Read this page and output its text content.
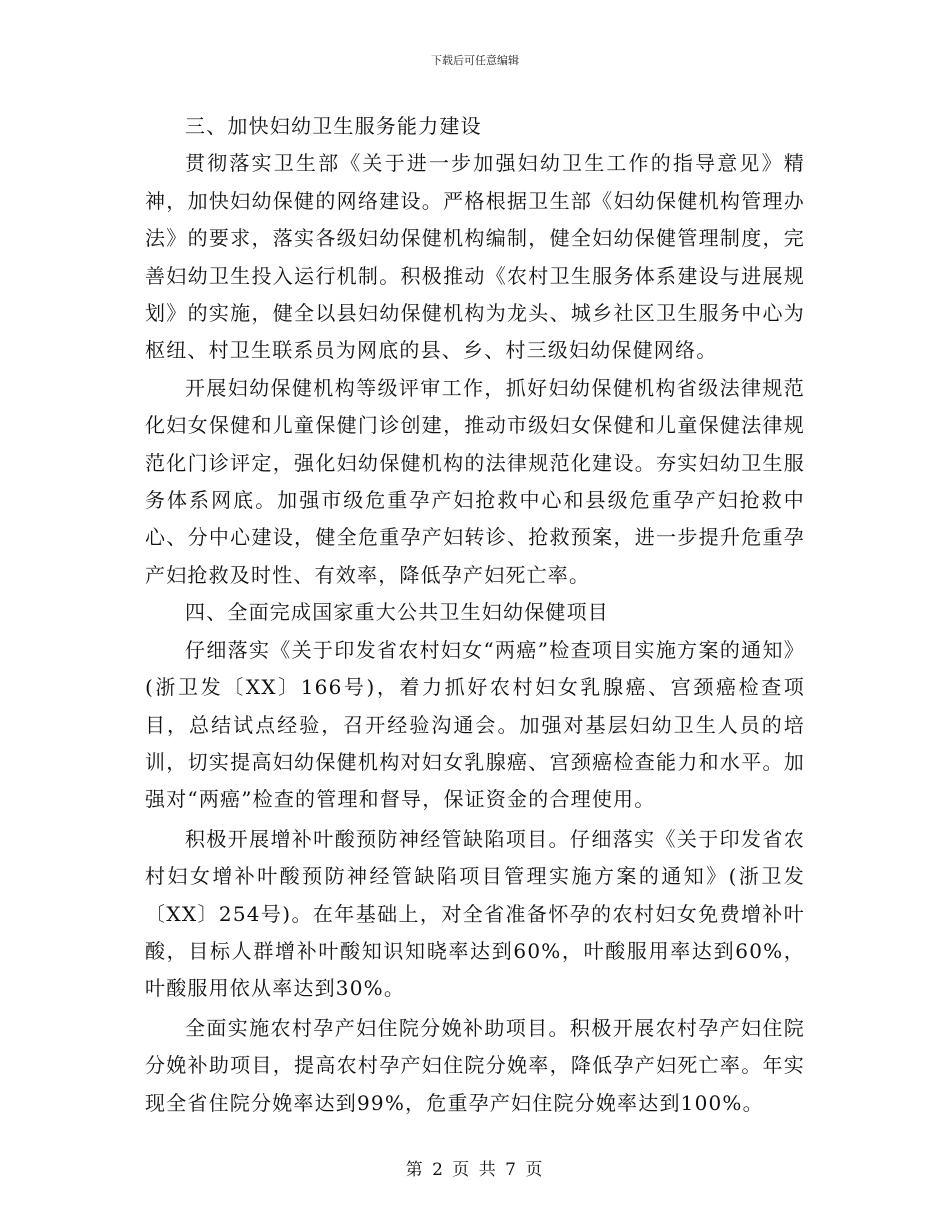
下载后可任意编辑

三、加快妇幼卫生服务能力建设

贯彻落实卫生部《关于进一步加强妇幼卫生工作的指导意见》精神，加快妇幼保健的网络建设。严格根据卫生部《妇幼保健机构管理办法》的要求，落实各级妇幼保健机构编制，健全妇幼保健管理制度，完善妇幼卫生投入运行机制。积极推动《农村卫生服务体系建设与进展规划》的实施，健全以县妇幼保健机构为龙头、城乡社区卫生服务中心为枢纽、村卫生联系员为网底的县、乡、村三级妇幼保健网络。

开展妇幼保健机构等级评审工作，抓好妇幼保健机构省级法律规范化妇女保健和儿童保健门诊创建，推动市级妇女保健和儿童保健法律规范化门诊评定，强化妇幼保健机构的法律规范化建设。夯实妇幼卫生服务体系网底。加强市级危重孕产妇抢救中心和县级危重孕产妇抢救中心、分中心建设，健全危重孕产妇转诊、抢救预案，进一步提升危重孕产妇抢救及时性、有效率，降低孕产妇死亡率。

四、全面完成国家重大公共卫生妇幼保健项目

仔细落实《关于印发省农村妇女“两癌”检查项目实施方案的通知》(浙卫发〔XX〕166号)，着力抓好农村妇女乳腺癌、宫颈癌检查项目，总结试点经验，召开经验沟通会。加强对基层妇幼卫生人员的培训，切实提高妇幼保健机构对妇女乳腺癌、宫颈癌检查能力和水平。加强对“两癌”检查的管理和督导，保证资金的合理使用。

积极开展增补叶酸预防神经管缺陷项目。仔细落实《关于印发省农村妇女增补叶酸预防神经管缺陷项目管理实施方案的通知》(浙卫发〔XX〕254号)。在年基础上，对全省准备怀孕的农村妇女免费增补叶酸，目标人群增补叶酸知识知晓率达到60%，叶酸服用率达到60%，叶酸服用依从率达到30%。

全面实施农村孕产妇住院分娩补助项目。积极开展农村孕产妇住院分娩补助项目，提高农村孕产妇住院分娩率，降低孕产妇死亡率。年实现全省住院分娩率达到99%，危重孕产妇住院分娩率达到100%。

第 2 页 共 7 页
